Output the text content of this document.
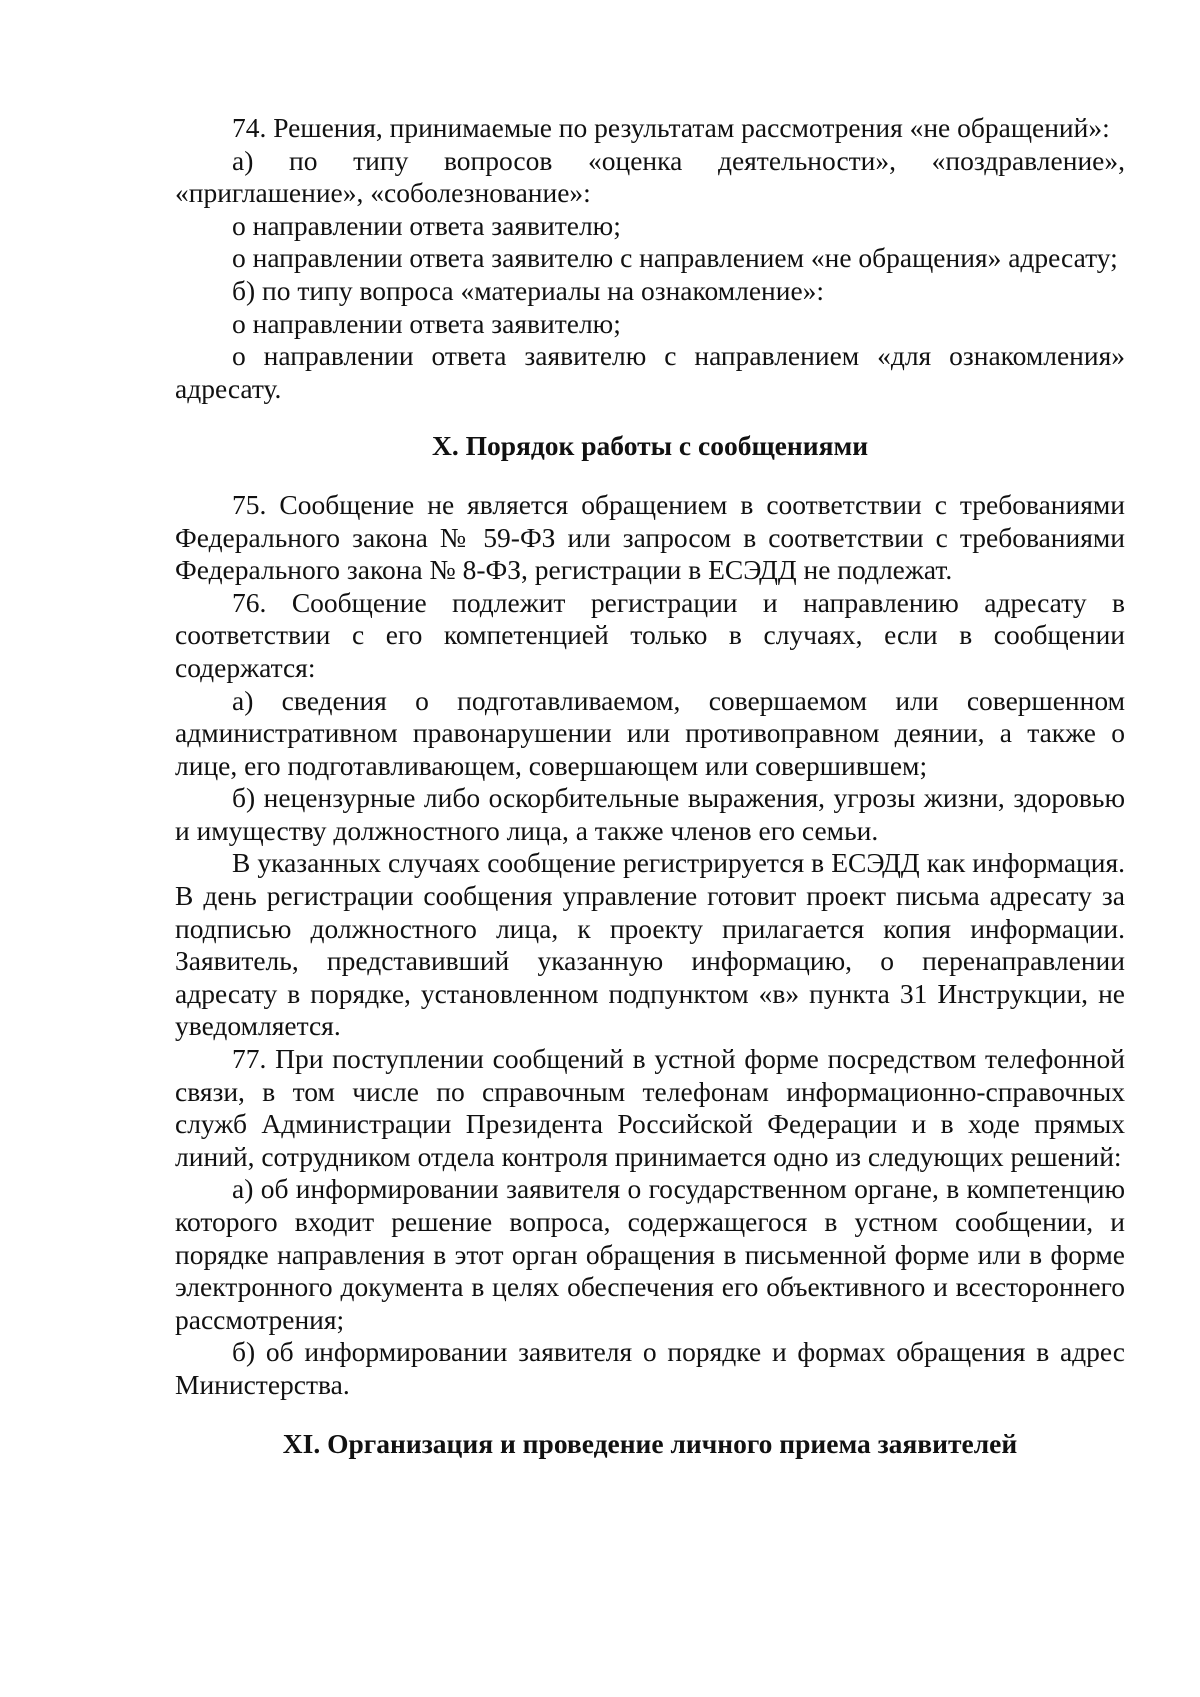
74. Решения, принимаемые по результатам рассмотрения «не обращений»:

а) по типу вопросов «оценка деятельности», «поздравление», «приглашение», «соболезнование»:

о направлении ответа заявителю;

о направлении ответа заявителю с направлением «не обращения» адресату;

б) по типу вопроса «материалы на ознакомление»:

о направлении ответа заявителю;

о направлении ответа заявителю с направлением «для ознакомления» адресату.

X. Порядок работы с сообщениями

75. Сообщение не является обращением в соответствии с требованиями Федерального закона № 59-ФЗ или запросом в соответствии с требованиями Федерального закона № 8-ФЗ, регистрации в ЕСЭДД не подлежат.

76. Сообщение подлежит регистрации и направлению адресату в соответствии с его компетенцией только в случаях, если в сообщении содержатся:

а) сведения о подготавливаемом, совершаемом или совершенном административном правонарушении или противоправном деянии, а также о лице, его подготавливающем, совершающем или совершившем;

б) нецензурные либо оскорбительные выражения, угрозы жизни, здоровью и имуществу должностного лица, а также членов его семьи.

В указанных случаях сообщение регистрируется в ЕСЭДД как информация. В день регистрации сообщения управление готовит проект письма адресату за подписью должностного лица, к проекту прилагается копия информации. Заявитель, представивший указанную информацию, о перенаправлении адресату в порядке, установленном подпунктом «в» пункта 31 Инструкции, не уведомляется.

77. При поступлении сообщений в устной форме посредством телефонной связи, в том числе по справочным телефонам информационно-справочных служб Администрации Президента Российской Федерации и в ходе прямых линий, сотрудником отдела контроля принимается одно из следующих решений:

а) об информировании заявителя о государственном органе, в компетенцию которого входит решение вопроса, содержащегося в устном сообщении, и порядке направления в этот орган обращения в письменной форме или в форме электронного документа в целях обеспечения его объективного и всестороннего рассмотрения;

б) об информировании заявителя о порядке и формах обращения в адрес Министерства.

XI. Организация и проведение личного приема заявителей
